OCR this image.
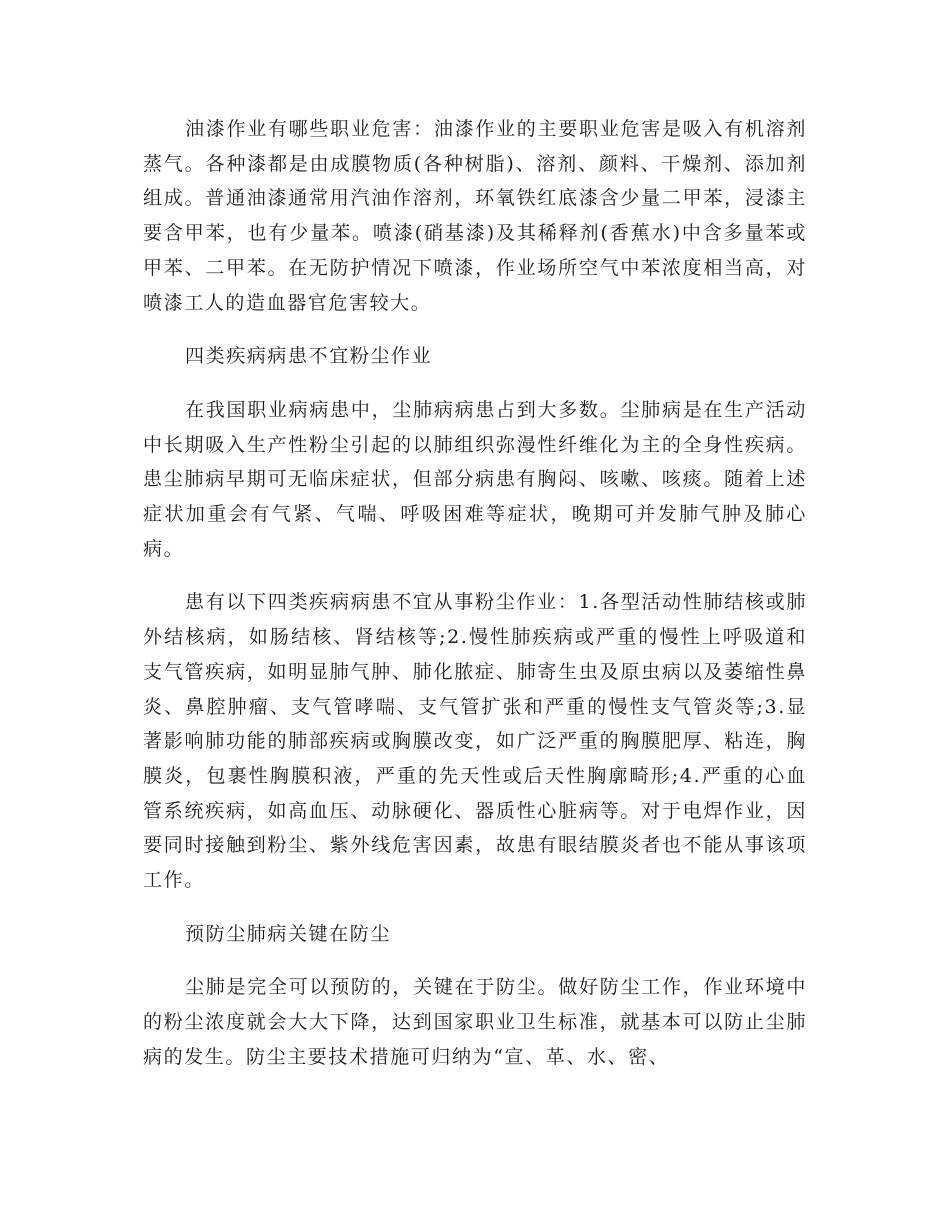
油漆作业有哪些职业危害：油漆作业的主要职业危害是吸入有机溶剂蒸气。各种漆都是由成膜物质(各种树脂)、溶剂、颜料、干燥剂、添加剂组成。普通油漆通常用汽油作溶剂，环氧铁红底漆含少量二甲苯，浸漆主要含甲苯，也有少量苯。喷漆(硝基漆)及其稀释剂(香蕉水)中含多量苯或甲苯、二甲苯。在无防护情况下喷漆，作业场所空气中苯浓度相当高，对喷漆工人的造血器官危害较大。

四类疾病病患不宜粉尘作业

在我国职业病病患中，尘肺病病患占到大多数。尘肺病是在生产活动中长期吸入生产性粉尘引起的以肺组织弥漫性纤维化为主的全身性疾病。患尘肺病早期可无临床症状，但部分病患有胸闷、咳嗽、咳痰。随着上述症状加重会有气紧、气喘、呼吸困难等症状，晚期可并发肺气肿及肺心病。

患有以下四类疾病病患不宜从事粉尘作业：1.各型活动性肺结核或肺外结核病，如肠结核、肾结核等;2.慢性肺疾病或严重的慢性上呼吸道和支气管疾病，如明显肺气肿、肺化脓症、肺寄生虫及原虫病以及萎缩性鼻炎、鼻腔肿瘤、支气管哮喘、支气管扩张和严重的慢性支气管炎等;3.显著影响肺功能的肺部疾病或胸膜改变，如广泛严重的胸膜肥厚、粘连，胸膜炎，包裹性胸膜积液，严重的先天性或后天性胸廓畸形;4.严重的心血管系统疾病，如高血压、动脉硬化、器质性心脏病等。对于电焊作业，因要同时接触到粉尘、紫外线危害因素，故患有眼结膜炎者也不能从事该项工作。

预防尘肺病关键在防尘

尘肺是完全可以预防的，关键在于防尘。做好防尘工作，作业环境中的粉尘浓度就会大大下降，达到国家职业卫生标准，就基本可以防止尘肺病的发生。防尘主要技术措施可归纳为“宣、革、水、密、
